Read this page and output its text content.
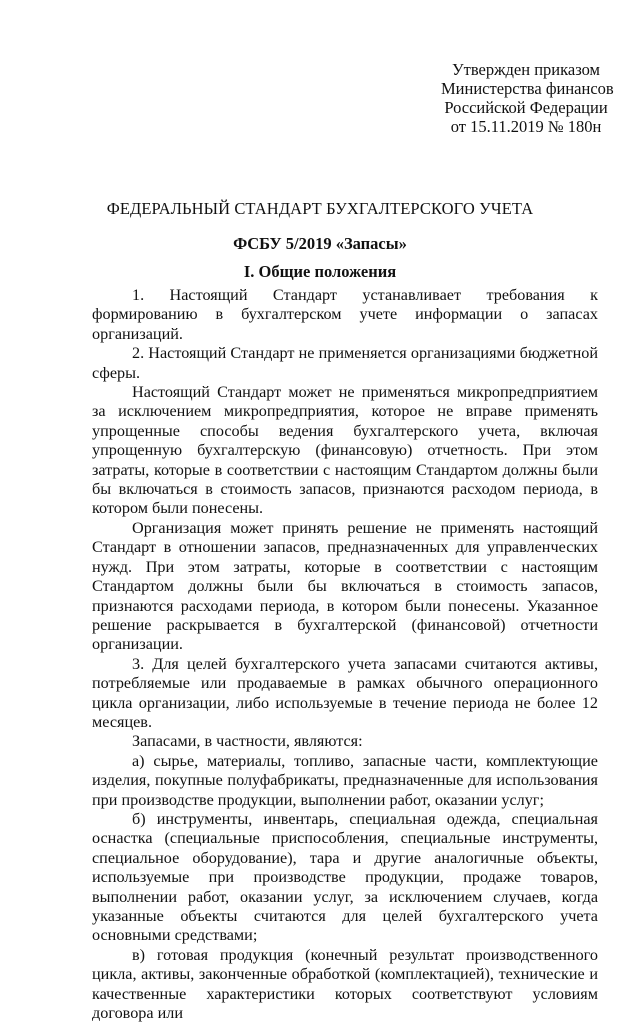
Утвержден приказом
Министерства финансов
Российской Федерации
от 15.11.2019 № 180н
ФЕДЕРАЛЬНЫЙ СТАНДАРТ БУХГАЛТЕРСКОГО УЧЕТА
ФСБУ 5/2019 «Запасы»
I. Общие положения

1. Настоящий Стандарт устанавливает требования к формированию в бухгалтерском учете информации о запасах организаций.

2. Настоящий Стандарт не применяется организациями бюджетной сферы.

Настоящий Стандарт может не применяться микропредприятием за исключением микропредприятия, которое не вправе применять упрощенные способы ведения бухгалтерского учета, включая упрощенную бухгалтерскую (финансовую) отчетность. При этом затраты, которые в соответствии с настоящим Стандартом должны были бы включаться в стоимость запасов, признаются расходом периода, в котором были понесены.

Организация может принять решение не применять настоящий Стандарт в отношении запасов, предназначенных для управленческих нужд. При этом затраты, которые в соответствии с настоящим Стандартом должны были бы включаться в стоимость запасов, признаются расходами периода, в котором были понесены. Указанное решение раскрывается в бухгалтерской (финансовой) отчетности организации.

3. Для целей бухгалтерского учета запасами считаются активы, потребляемые или продаваемые в рамках обычного операционного цикла организации, либо используемые в течение периода не более 12 месяцев.

Запасами, в частности, являются:

а) сырье, материалы, топливо, запасные части, комплектующие изделия, покупные полуфабрикаты, предназначенные для использования при производстве продукции, выполнении работ, оказании услуг;

б) инструменты, инвентарь, специальная одежда, специальная оснастка (специальные приспособления, специальные инструменты, специальное оборудование), тара и другие аналогичные объекты, используемые при производстве продукции, продаже товаров, выполнении работ, оказании услуг, за исключением случаев, когда указанные объекты считаются для целей бухгалтерского учета основными средствами;

в) готовая продукция (конечный результат производственного цикла, активы, законченные обработкой (комплектацией), технические и качественные характеристики которых соответствуют условиям договора или
